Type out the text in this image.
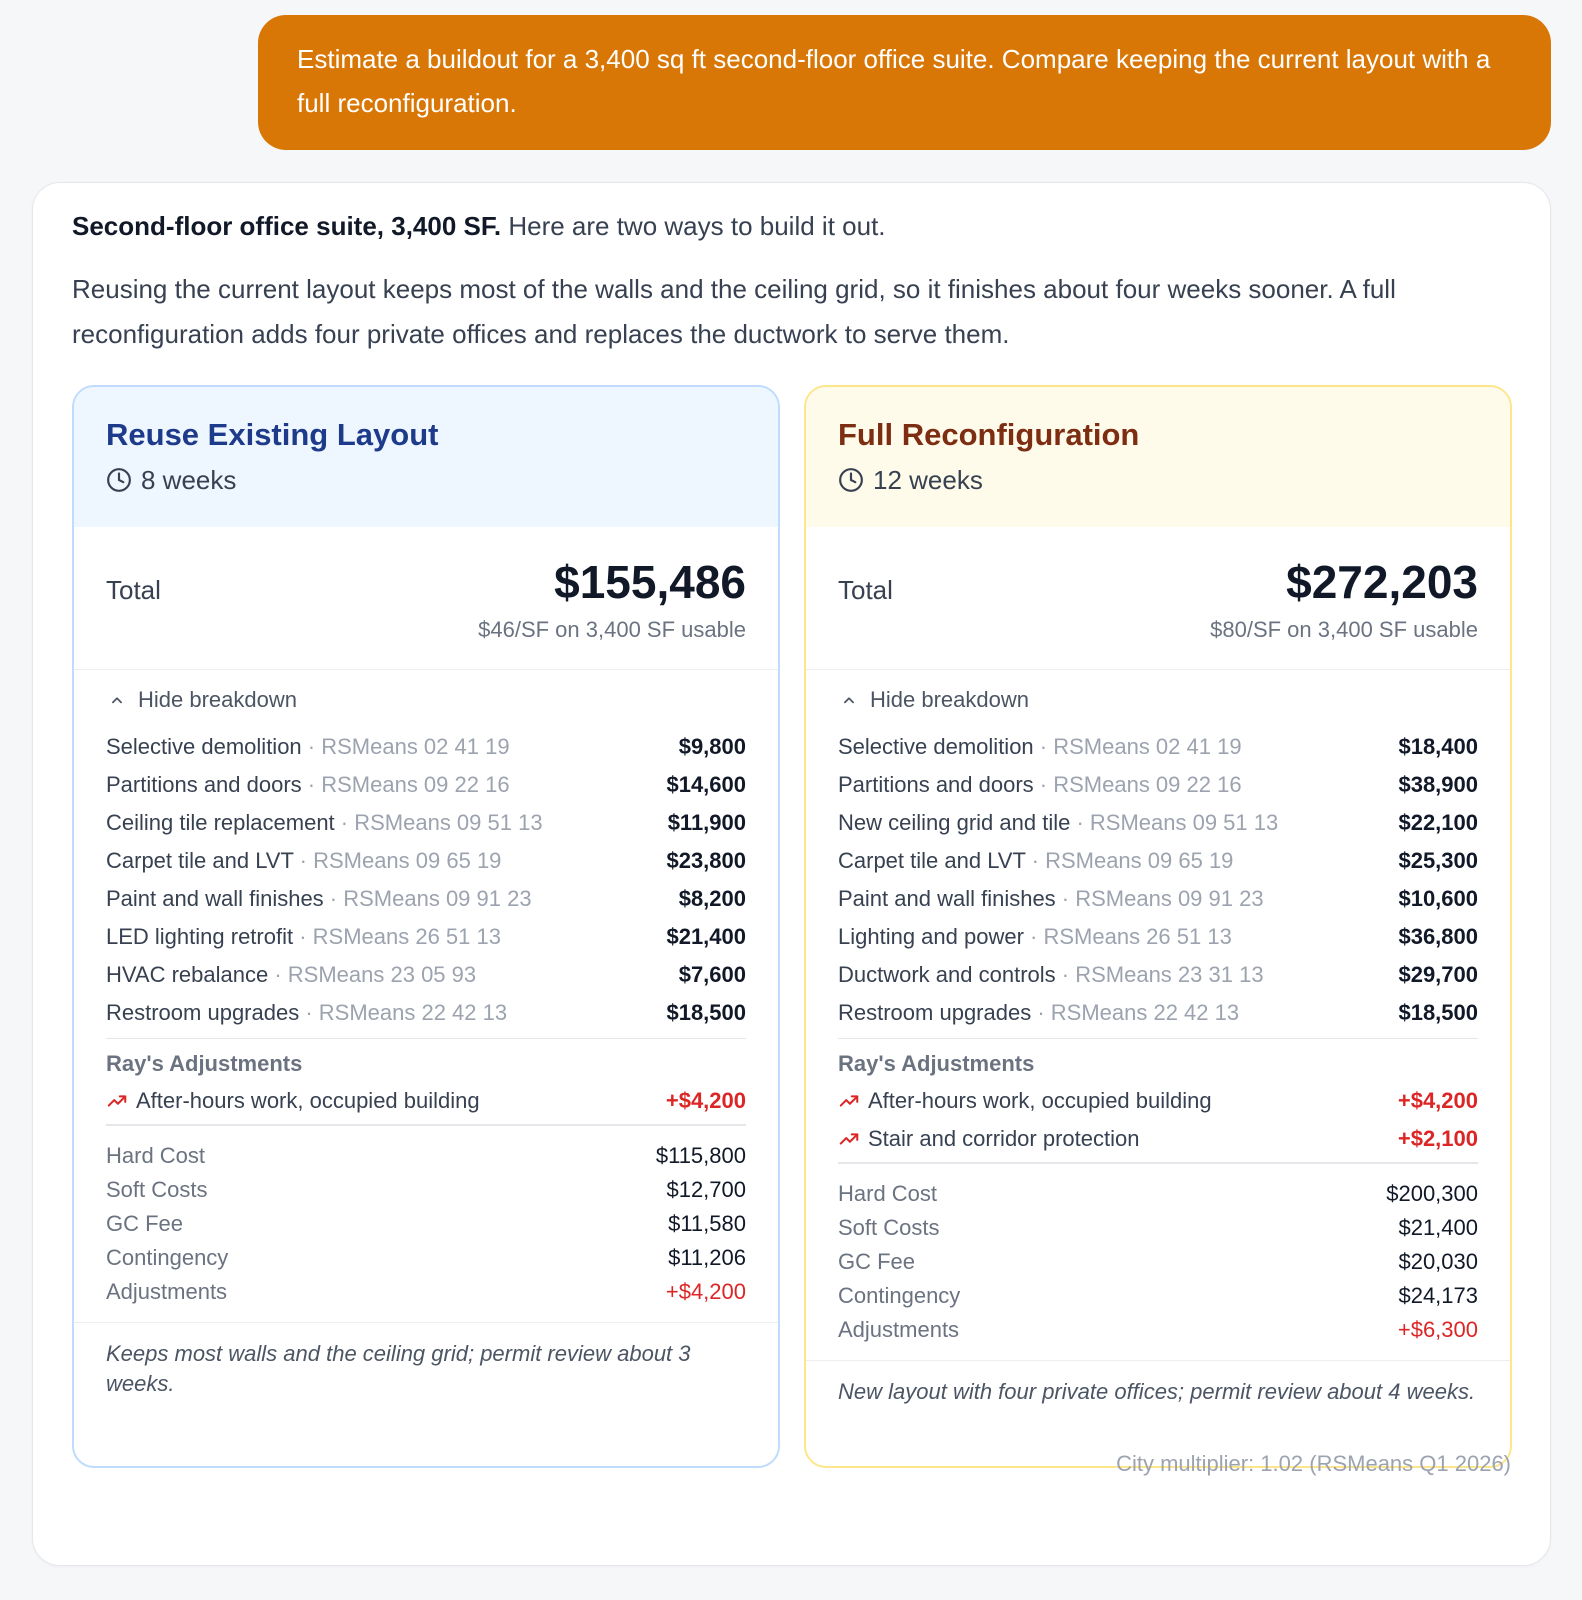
Estimate a buildout for a 3,400 sq ft second-floor office suite. Compare keeping the current layout with a full reconfiguration.
Second-floor office suite, 3,400 SF. Here are two ways to build it out.
Reusing the current layout keeps most of the walls and the ceiling grid, so it finishes about four weeks sooner. A full reconfiguration adds four private offices and replaces the ductwork to serve them.
Reuse Existing Layout
8 weeks
Total	$155,486
$46/SF on 3,400 SF usable
Hide breakdown
Selective demolition · RSMeans 02 41 19	$9,800
Partitions and doors · RSMeans 09 22 16	$14,600
Ceiling tile replacement · RSMeans 09 51 13	$11,900
Carpet tile and LVT · RSMeans 09 65 19	$23,800
Paint and wall finishes · RSMeans 09 91 23	$8,200
LED lighting retrofit · RSMeans 26 51 13	$21,400
HVAC rebalance · RSMeans 23 05 93	$7,600
Restroom upgrades · RSMeans 22 42 13	$18,500
Ray's Adjustments
After-hours work, occupied building	+$4,200
Hard Cost	$115,800
Soft Costs	$12,700
GC Fee	$11,580
Contingency	$11,206
Adjustments	+$4,200
Keeps most walls and the ceiling grid; permit review about 3 weeks.
Full Reconfiguration
12 weeks
Total	$272,203
$80/SF on 3,400 SF usable
Hide breakdown
Selective demolition · RSMeans 02 41 19	$18,400
Partitions and doors · RSMeans 09 22 16	$38,900
New ceiling grid and tile · RSMeans 09 51 13	$22,100
Carpet tile and LVT · RSMeans 09 65 19	$25,300
Paint and wall finishes · RSMeans 09 91 23	$10,600
Lighting and power · RSMeans 26 51 13	$36,800
Ductwork and controls · RSMeans 23 31 13	$29,700
Restroom upgrades · RSMeans 22 42 13	$18,500
Ray's Adjustments
After-hours work, occupied building	+$4,200
Stair and corridor protection	+$2,100
Hard Cost	$200,300
Soft Costs	$21,400
GC Fee	$20,030
Contingency	$24,173
Adjustments	+$6,300
New layout with four private offices; permit review about 4 weeks.
City multiplier: 1.02 (RSMeans Q1 2026)
